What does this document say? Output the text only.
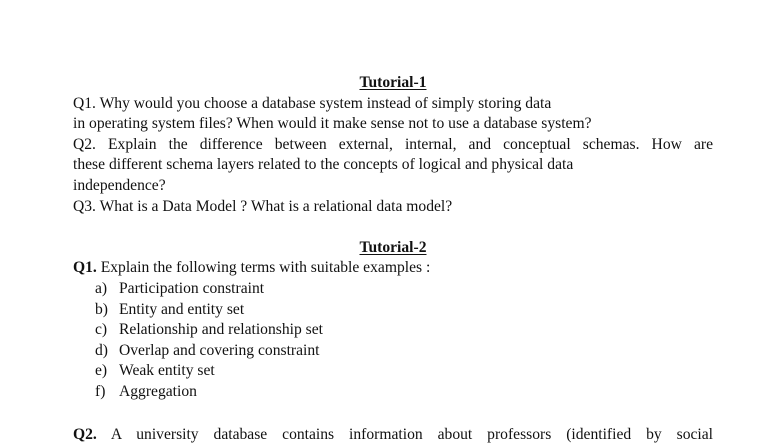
Tutorial-1
Q1. Why would you choose a database system instead of simply storing data
in operating system files? When would it make sense not to use a database system?
Q2. Explain the difference between external, internal, and conceptual schemas. How are
these different schema layers related to the concepts of logical and physical data
independence?
Q3. What is a Data Model ? What is a relational data model?
Tutorial-2
Q1. Explain the following terms with suitable examples :
a) Participation constraint
b) Entity and entity set
c) Relationship and relationship set
d) Overlap and covering constraint
e) Weak entity set
f) Aggregation
Q2. A university database contains information about professors (identified by social
